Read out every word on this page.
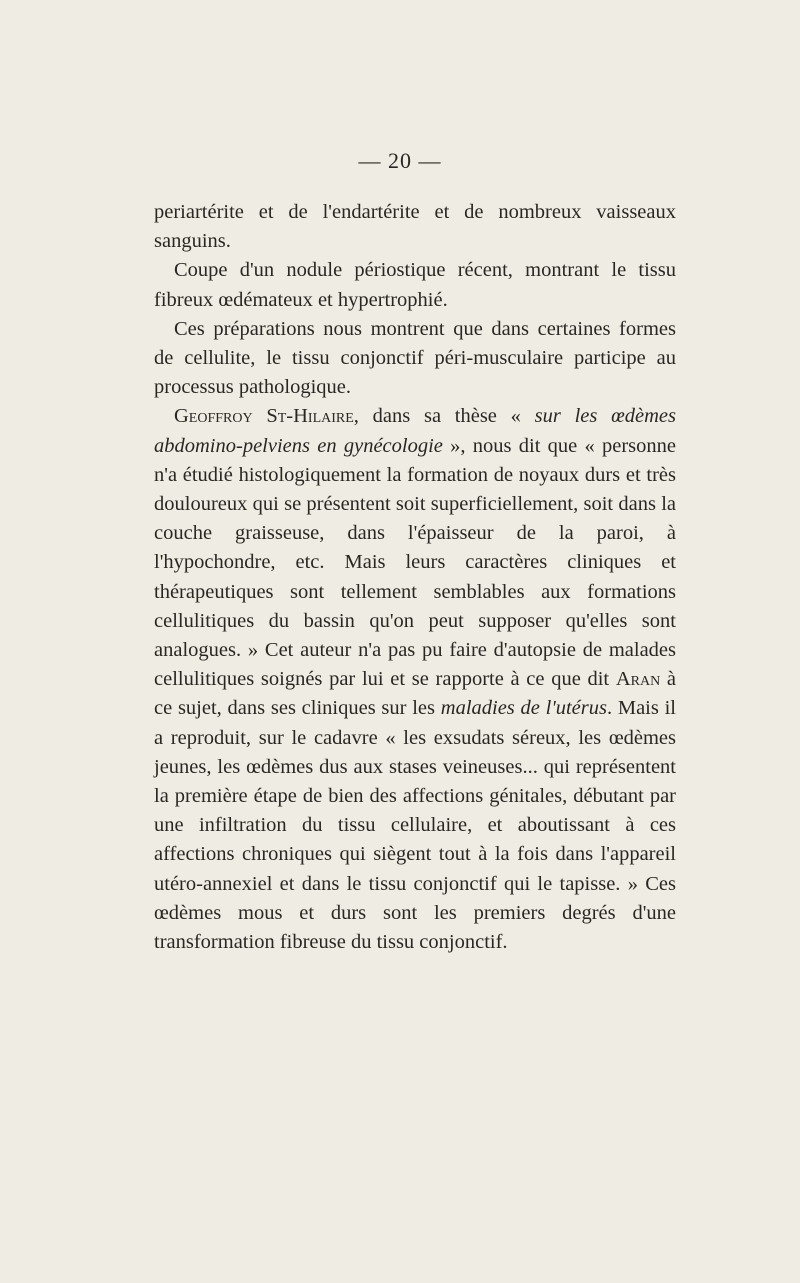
— 20 —

periartérite et de l'endartérite et de nombreux vaisseaux sanguins.

Coupe d'un nodule périostique récent, montrant le tissu fibreux œdémateux et hypertrophié.

Ces préparations nous montrent que dans certaines formes de cellulite, le tissu conjonctif péri-musculaire participe au processus pathologique.

Geoffroy St-Hilaire, dans sa thèse « sur les œdèmes abdomino-pelviens en gynécologie », nous dit que « personne n'a étudié histologiquement la formation de noyaux durs et très douloureux qui se présentent soit superficiellement, soit dans la couche graisseuse, dans l'épaisseur de la paroi, à l'hypochondre, etc. Mais leurs caractères cliniques et thérapeutiques sont tellement semblables aux formations cellulitiques du bassin qu'on peut supposer qu'elles sont analogues. » Cet auteur n'a pas pu faire d'autopsie de malades cellulitiques soignés par lui et se rapporte à ce que dit Aran à ce sujet, dans ses cliniques sur les maladies de l'utérus. Mais il a reproduit, sur le cadavre « les exsudats séreux, les œdèmes jeunes, les œdèmes dus aux stases veineuses... qui représentent la première étape de bien des affections génitales, débutant par une infiltration du tissu cellulaire, et aboutissant à ces affections chroniques qui siègent tout à la fois dans l'appareil utéro-annexiel et dans le tissu conjonctif qui le tapisse. » Ces œdèmes mous et durs sont les premiers degrés d'une transformation fibreuse du tissu conjonctif.
